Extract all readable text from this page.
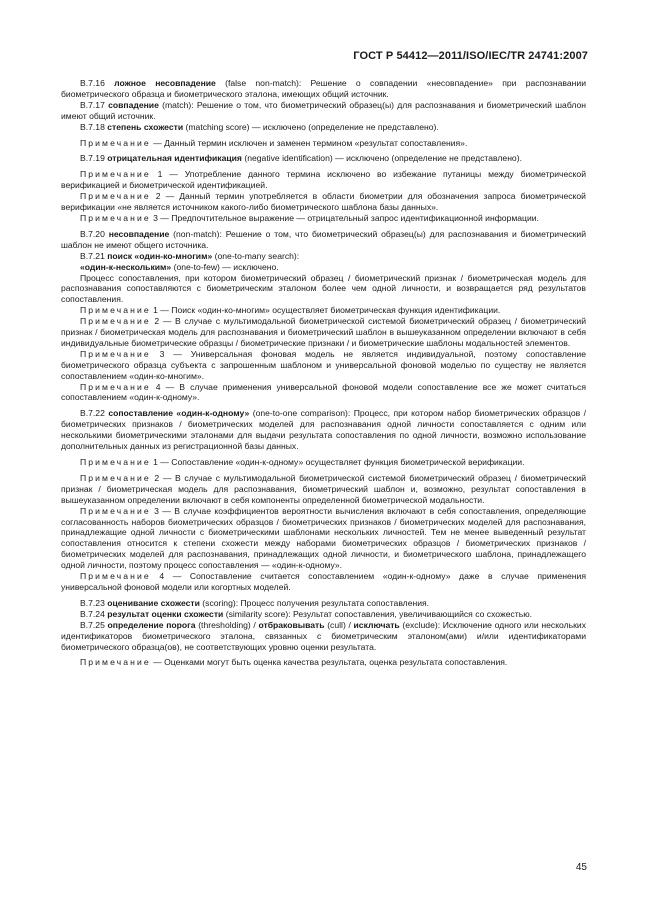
ГОСТ Р 54412—2011/ISO/IEC/TR 24741:2007

В.7.16 ложное несовпадение (false non-match): Решение о совпадении «несовпадение» при распознавании биометрического образца и биометрического эталона, имеющих общий источник.

В.7.17 совпадение (match): Решение о том, что биометрический образец(ы) для распознавания и биометрический шаблон имеют общий источник.

В.7.18 степень схожести (matching score) — исключено (определение не представлено).

Примечание — Данный термин исключен и заменен термином «результат сопоставления».

В.7.19 отрицательная идентификация (negative identification) — исключено (определение не представлено).

Примечание 1 — Употребление данного термина исключено во избежание путаницы между биометрической верификацией и биометрической идентификацией.

Примечание 2 — Данный термин употребляется в области биометрии для обозначения запроса биометрической верификации «не является источником какого-либо биометрического шаблона базы данных».

Примечание 3 — Предпочтительное выражение — отрицательный запрос идентификационной информации.

В.7.20 несовпадение (non-match): Решение о том, что биометрический образец(ы) для распознавания и биометрический шаблон не имеют общего источника.

В.7.21 поиск «один-ко-многим» (one-to-many search):

«один-к-нескольким» (one-to-few) — исключено.

Процесс сопоставления, при котором биометрический образец / биометрический признак / биометрическая модель для распознавания сопоставляются с биометрическим эталоном более чем одной личности, и возвращается ряд результатов сопоставления.

Примечание 1 — Поиск «один-ко-многим» осуществляет биометрическая функция идентификации.

Примечание 2 — В случае с мультимодальной биометрической системой биометрический образец / биометрический признак / биометрическая модель для распознавания и биометрический шаблон в вышеуказанном определении включают в себя индивидуальные биометрические образцы / биометрические признаки / и биометрические шаблоны модальностей элементов.

Примечание 3 — Универсальная фоновая модель не является индивидуальной, поэтому сопоставление биометрического образца субъекта с запрошенным шаблоном и универсальной фоновой моделью по существу не является сопоставлением «один-ко-многим».

Примечание 4 — В случае применения универсальной фоновой модели сопоставление все же может считаться сопоставлением «один-к-одному».

В.7.22 сопоставление «один-к-одному» (one-to-one comparison): Процесс, при котором набор биометрических образцов / биометрических признаков / биометрических моделей для распознавания одной личности сопоставляется с одним или несколькими биометрическими эталонами для выдачи результата сопоставления по одной личности, возможно использование дополнительных данных из регистрационной базы данных.

Примечание 1 — Сопоставление «один-к-одному» осуществляет функция биометрической верификации.

Примечание 2 — В случае с мультимодальной биометрической системой биометрический образец / биометрический признак / биометрическая модель для распознавания, биометрический шаблон и, возможно, результат сопоставления в вышеуказанном определении включают в себя компоненты определенной биометрической модальности.

Примечание 3 — В случае коэффициентов вероятности вычисления включают в себя сопоставления, определяющие согласованность наборов биометрических образцов / биометрических признаков / биометрических моделей для распознавания, принадлежащие одной личности с биометрическими шаблонами нескольких личностей. Тем не менее выведенный результат сопоставления относится к степени схожести между наборами биометрических образцов / биометрических признаков / биометрических моделей для распознавания, принадлежащих одной личности, и биометрического шаблона, принадлежащего одной личности, поэтому процесс сопоставления — «один-к-одному».

Примечание 4 — Сопоставление считается сопоставлением «один-к-одному» даже в случае применения универсальной фоновой модели или когортных моделей.

В.7.23 оценивание схожести (scoring): Процесс получения результата сопоставления.

В.7.24 результат оценки схожести (similarity score): Результат сопоставления, увеличивающийся со схожестью.

В.7.25 определение порога (thresholding) / отбраковывать (cull) / исключать (exclude): Исключение одного или нескольких идентификаторов биометрического эталона, связанных с биометрическим эталоном(ами) и/или идентификаторами биометрического образца(ов), не соответствующих уровню оценки результата.

Примечание — Оценками могут быть оценка качества результата, оценка результата сопоставления.

45
